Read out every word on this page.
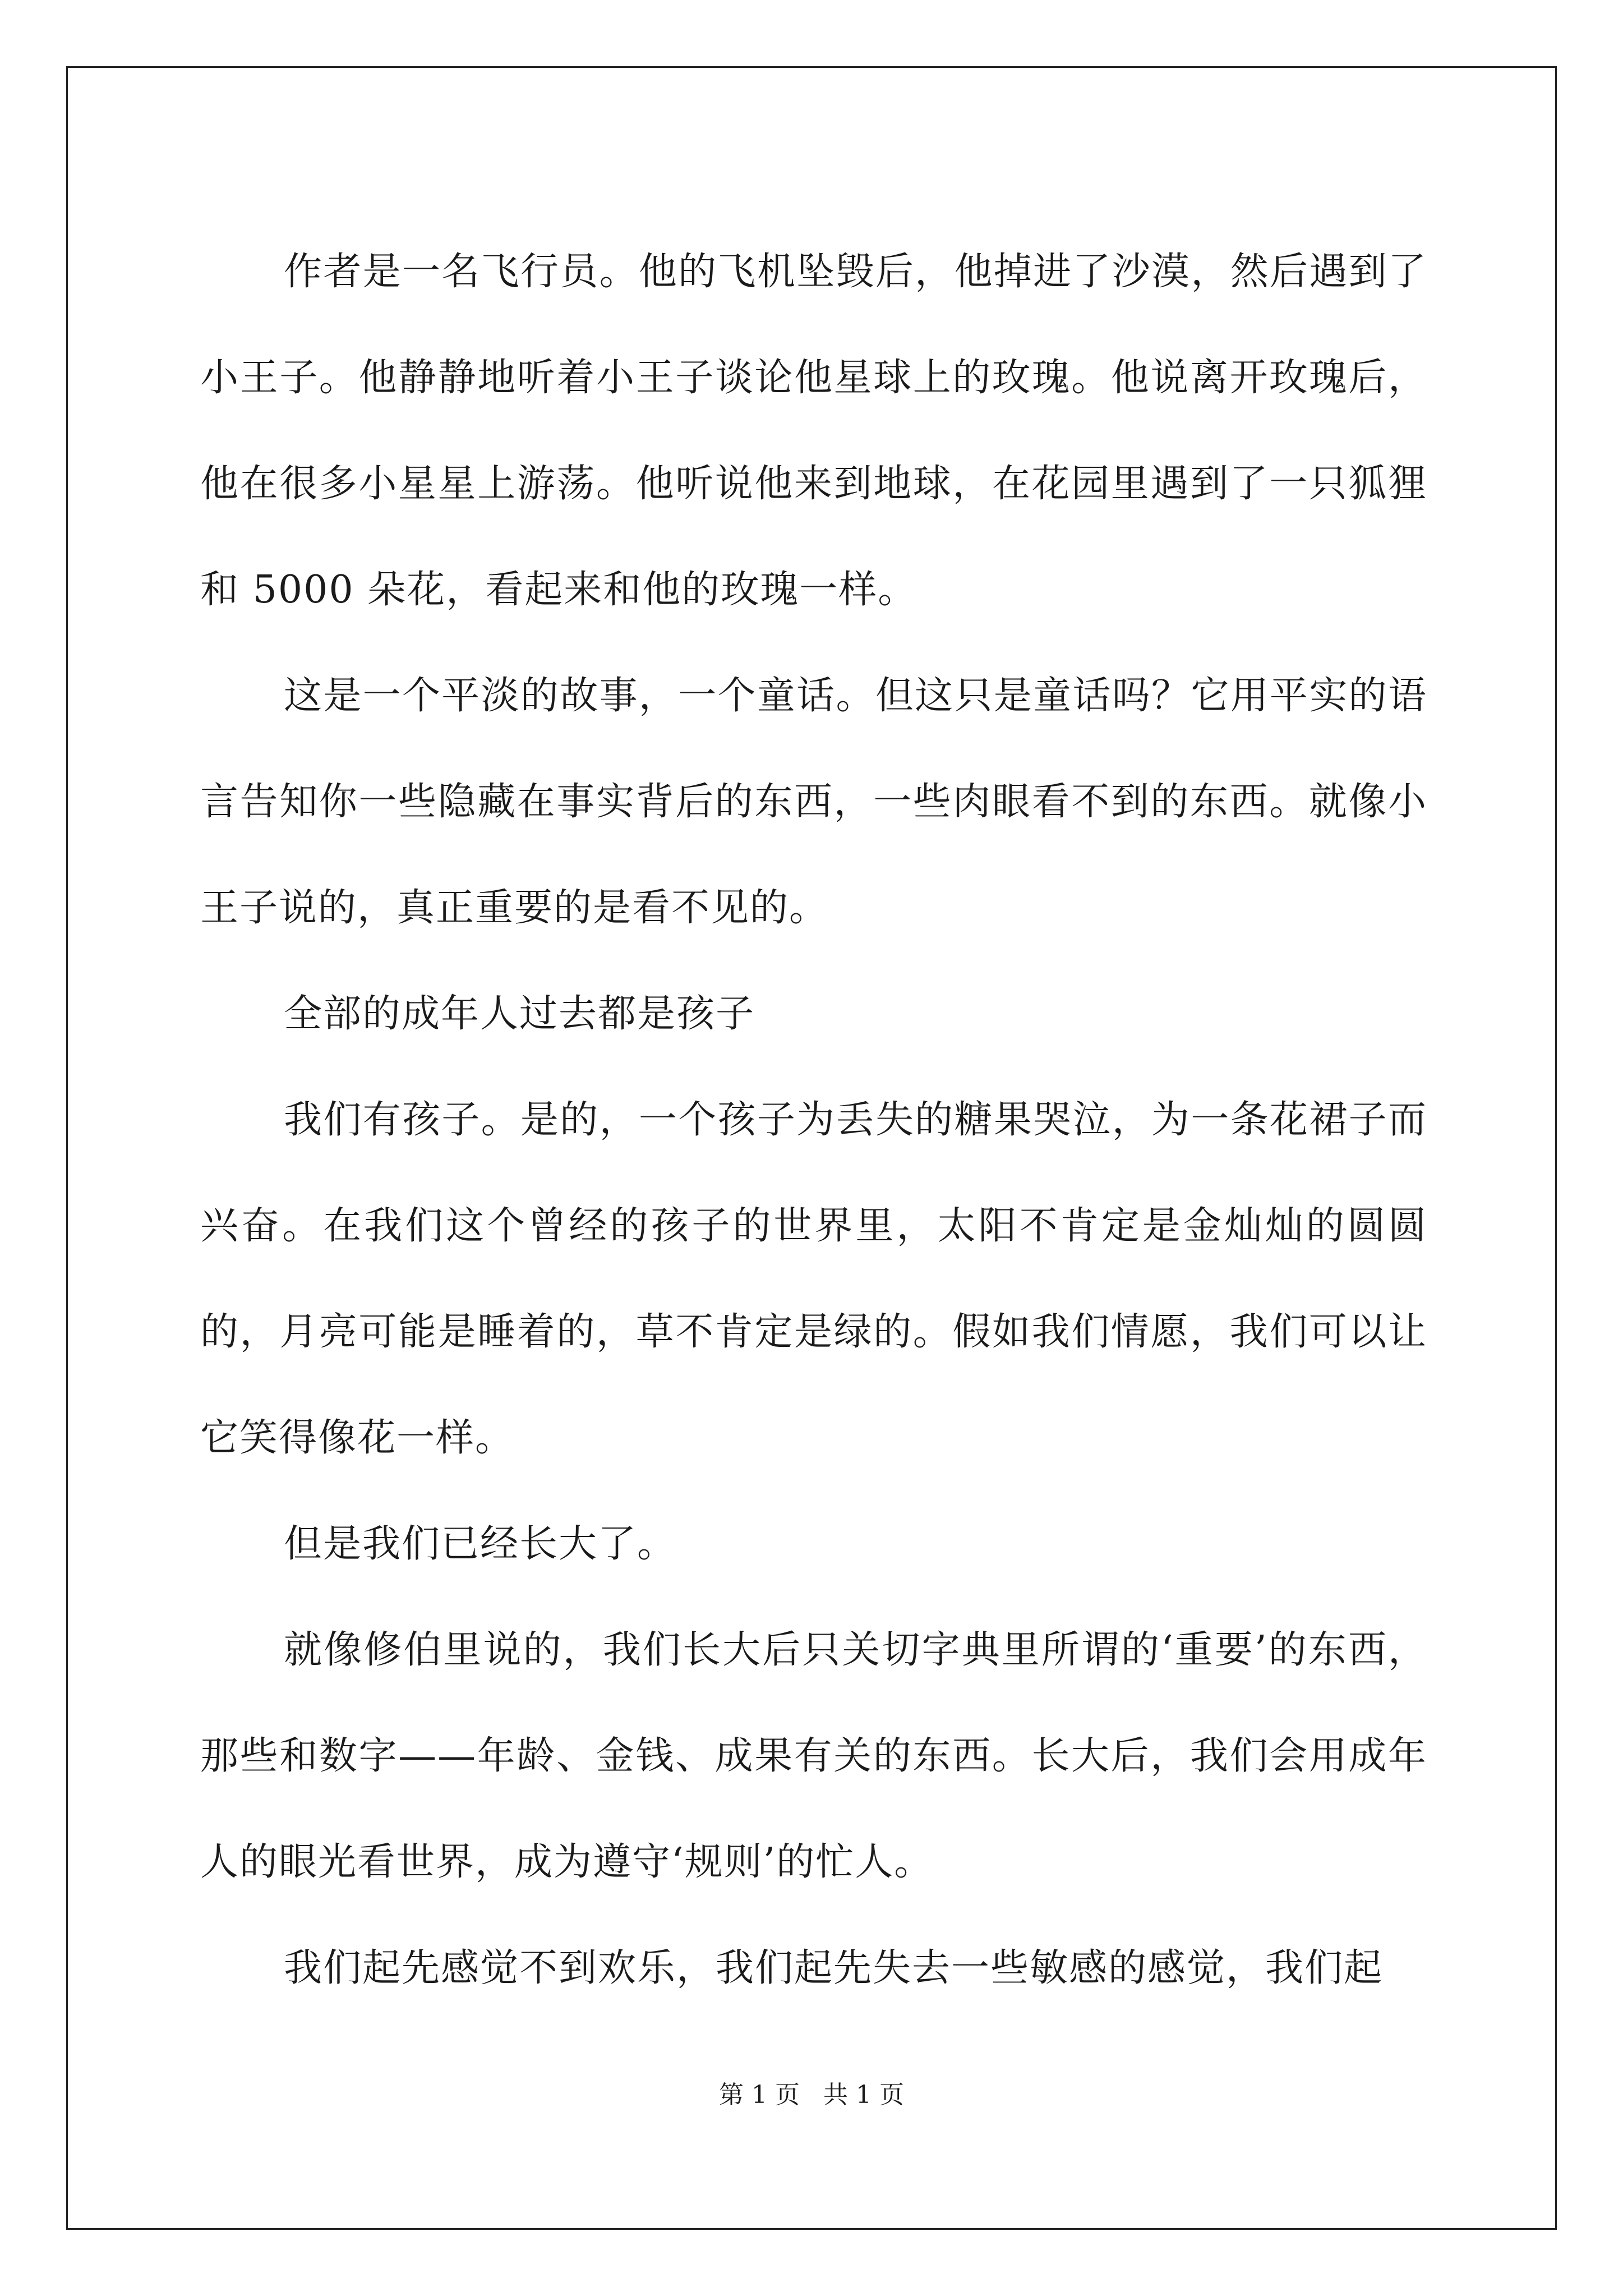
作者是一名飞行员。他的飞机坠毁后，他掉进了沙漠，然后遇到了小王子。他静静地听着小王子谈论他星球上的玫瑰。他说离开玫瑰后，他在很多小星星上游荡。他听说他来到地球，在花园里遇到了一只狐狸和 5000 朵花，看起来和他的玫瑰一样。

这是一个平淡的故事，一个童话。但这只是童话吗？它用平实的语言告知你一些隐藏在事实背后的东西，一些肉眼看不到的东西。就像小王子说的，真正重要的是看不见的。

全部的成年人过去都是孩子

我们有孩子。是的，一个孩子为丢失的糖果哭泣，为一条花裙子而兴奋。在我们这个曾经的孩子的世界里，太阳不肯定是金灿灿的圆圆的，月亮可能是睡着的，草不肯定是绿的。假如我们情愿，我们可以让它笑得像花一样。

但是我们已经长大了。

就像修伯里说的，我们长大后只关切字典里所谓的‘重要’的东西，那些和数字——年龄、金钱、成果有关的东西。长大后，我们会用成年人的眼光看世界，成为遵守‘规则’的忙人。

我们起先感觉不到欢乐，我们起先失去一些敏感的感觉，我们起

第 1 页   共 1 页
